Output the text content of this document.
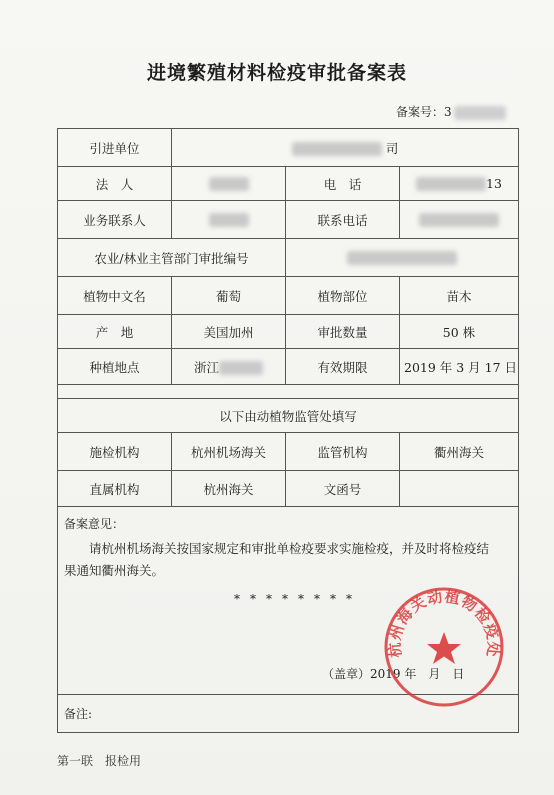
进境繁殖材料检疫审批备案表
备案号：3
引进单位	司		
法　人		电　话	13
业务联系人		联系电话	
农业/林业主管部门审批编号			
植物中文名	葡萄	植物部位	苗木
产　地	美国加州	审批数量	50 株
种植地点	浙江	有效期限	2019 年 3 月 17 日

以下由动植物监管处填写			
施检机构	杭州机场海关	监管机构	衢州海关
直属机构	杭州海关	文函号	

备案意见：
请杭州机场海关按国家规定和审批单检疫要求实施检疫，并及时将检疫结果通知衢州海关。
********
（盖章）2019 年　月　日			

备注:			
第一联　报检用
杭州海关动植物检疫处
